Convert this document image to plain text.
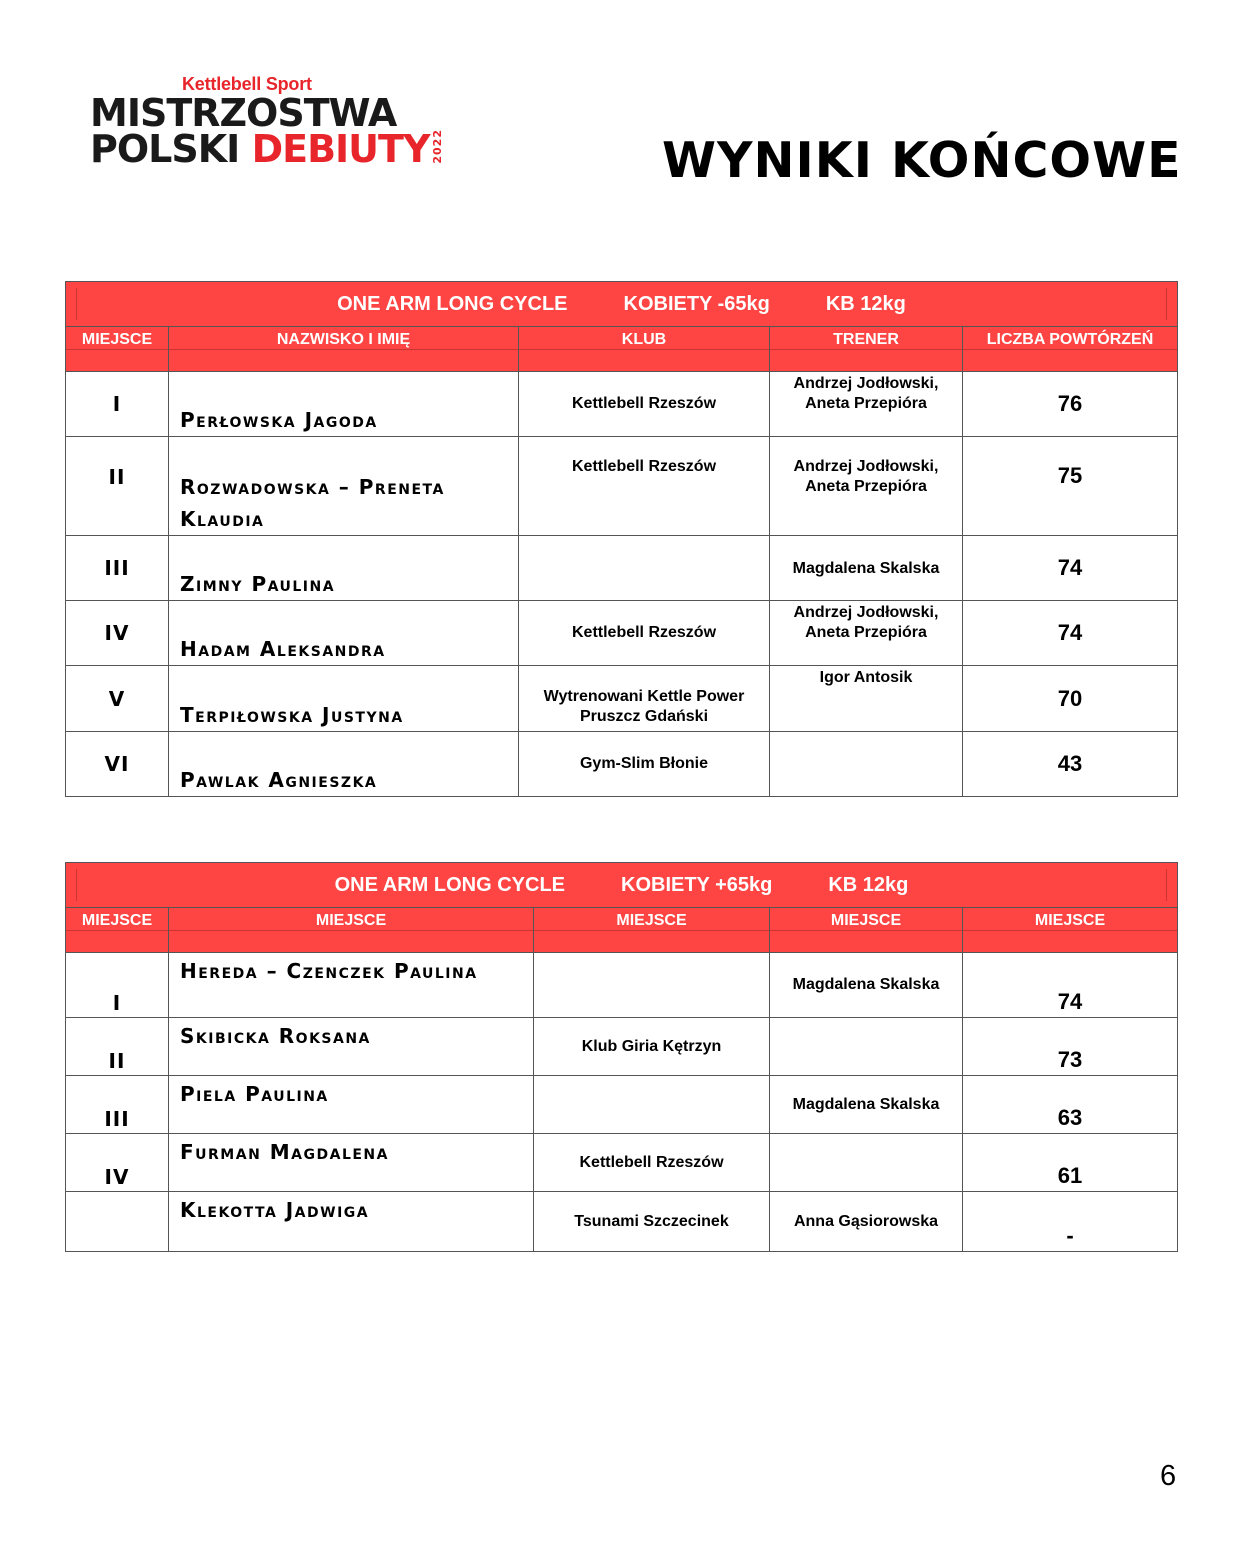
Kettlebell Sport
MISTRZOSTWA
POLSKI DEBIUTY 2022	WYNIKI KOŃCOWE
ONE ARM LONG CYCLE KOBIETY -65kg KB 12kg				

MIEJSCE	NAZWISKO I IMIĘ	KLUB	TRENER	LICZBA POWTÓRZEŃ

I	Perłowska Jagoda	Kettlebell Rzeszów	Andrzej Jodłowski, Aneta Przepióra	76
II	Rozwadowska – Preneta Klaudia	Kettlebell Rzeszów	Andrzej Jodłowski, Aneta Przepióra	75
III	Zimny Paulina		Magdalena Skalska	74
IV	Hadam Aleksandra	Kettlebell Rzeszów	Andrzej Jodłowski, Aneta Przepióra	74
V	Terpiłowska Justyna	Wytrenowani Kettle Power Pruszcz Gdański	Igor Antosik	70
VI	Pawlak Agnieszka	Gym-Slim Błonie		43
ONE ARM LONG CYCLE KOBIETY +65kg KB 12kg				

MIEJSCE	MIEJSCE	MIEJSCE	MIEJSCE	MIEJSCE

I	Hereda – Czenczek Paulina		Magdalena Skalska	74
II	Skibicka Roksana	Klub Giria Kętrzyn		73
III	Piela Paulina		Magdalena Skalska	63
IV	Furman Magdalena	Kettlebell Rzeszów		61
	Klekotta Jadwiga	Tsunami Szczecinek	Anna Gąsiorowska	-
6
